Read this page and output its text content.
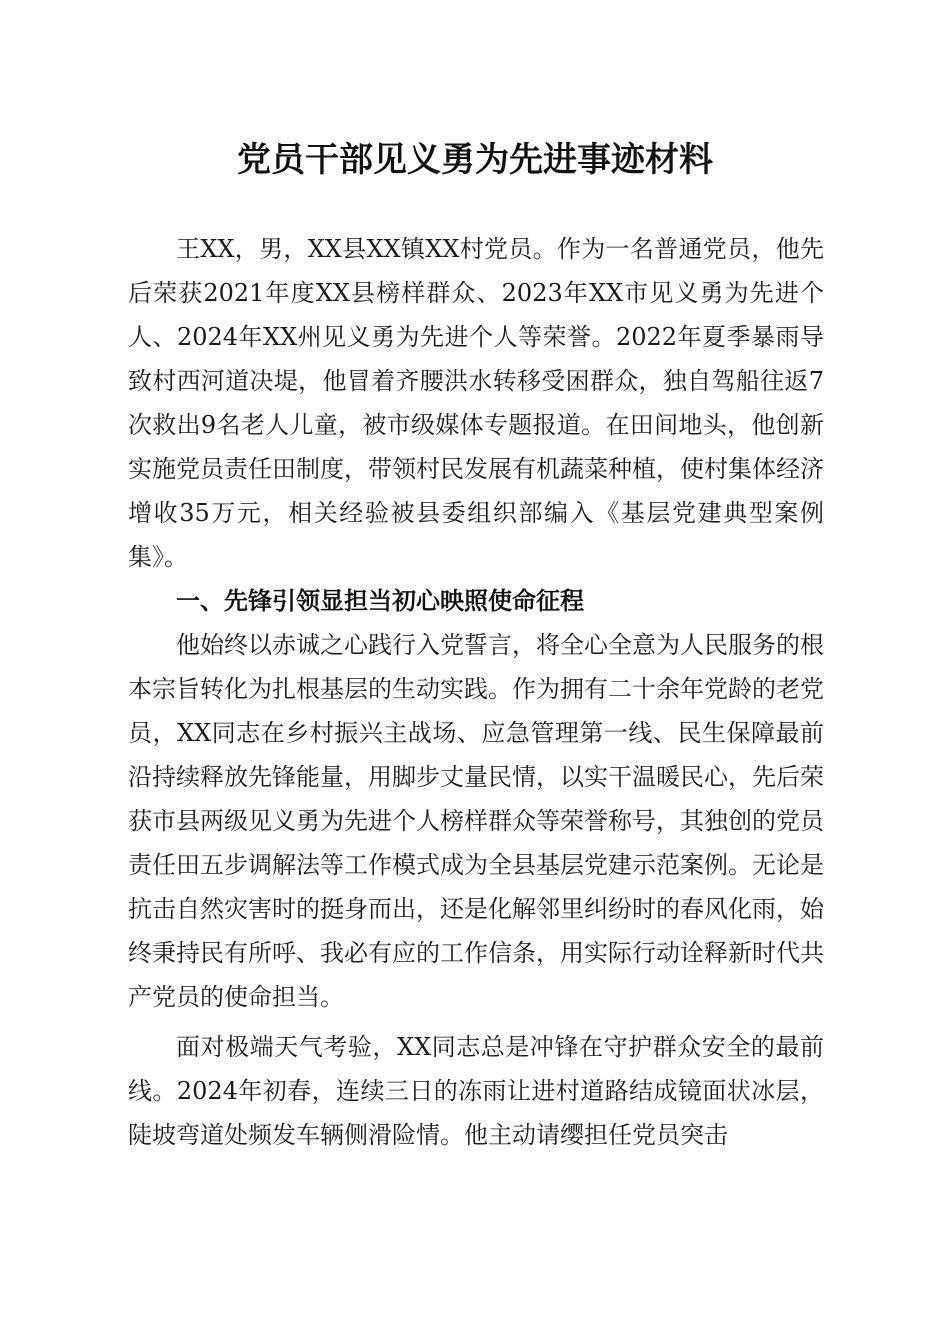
党员干部见义勇为先进事迹材料

王XX，男，XX县XX镇XX村党员。作为一名普通党员，他先后荣获2021年度XX县榜样群众、2023年XX市见义勇为先进个人、2024年XX州见义勇为先进个人等荣誉。2022年夏季暴雨导致村西河道决堤，他冒着齐腰洪水转移受困群众，独自驾船往返7次救出9名老人儿童，被市级媒体专题报道。在田间地头，他创新实施党员责任田制度，带领村民发展有机蔬菜种植，使村集体经济增收35万元，相关经验被县委组织部编入《基层党建典型案例集》。

一、先锋引领显担当初心映照使命征程

他始终以赤诚之心践行入党誓言，将全心全意为人民服务的根本宗旨转化为扎根基层的生动实践。作为拥有二十余年党龄的老党员，XX同志在乡村振兴主战场、应急管理第一线、民生保障最前沿持续释放先锋能量，用脚步丈量民情，以实干温暖民心，先后荣获市县两级见义勇为先进个人榜样群众等荣誉称号，其独创的党员责任田五步调解法等工作模式成为全县基层党建示范案例。无论是抗击自然灾害时的挺身而出，还是化解邻里纠纷时的春风化雨，始终秉持民有所呼、我必有应的工作信条，用实际行动诠释新时代共产党员的使命担当。

面对极端天气考验，XX同志总是冲锋在守护群众安全的最前线。2024年初春，连续三日的冻雨让进村道路结成镜面状冰层，陡坡弯道处频发车辆侧滑险情。他主动请缨担任党员突击
